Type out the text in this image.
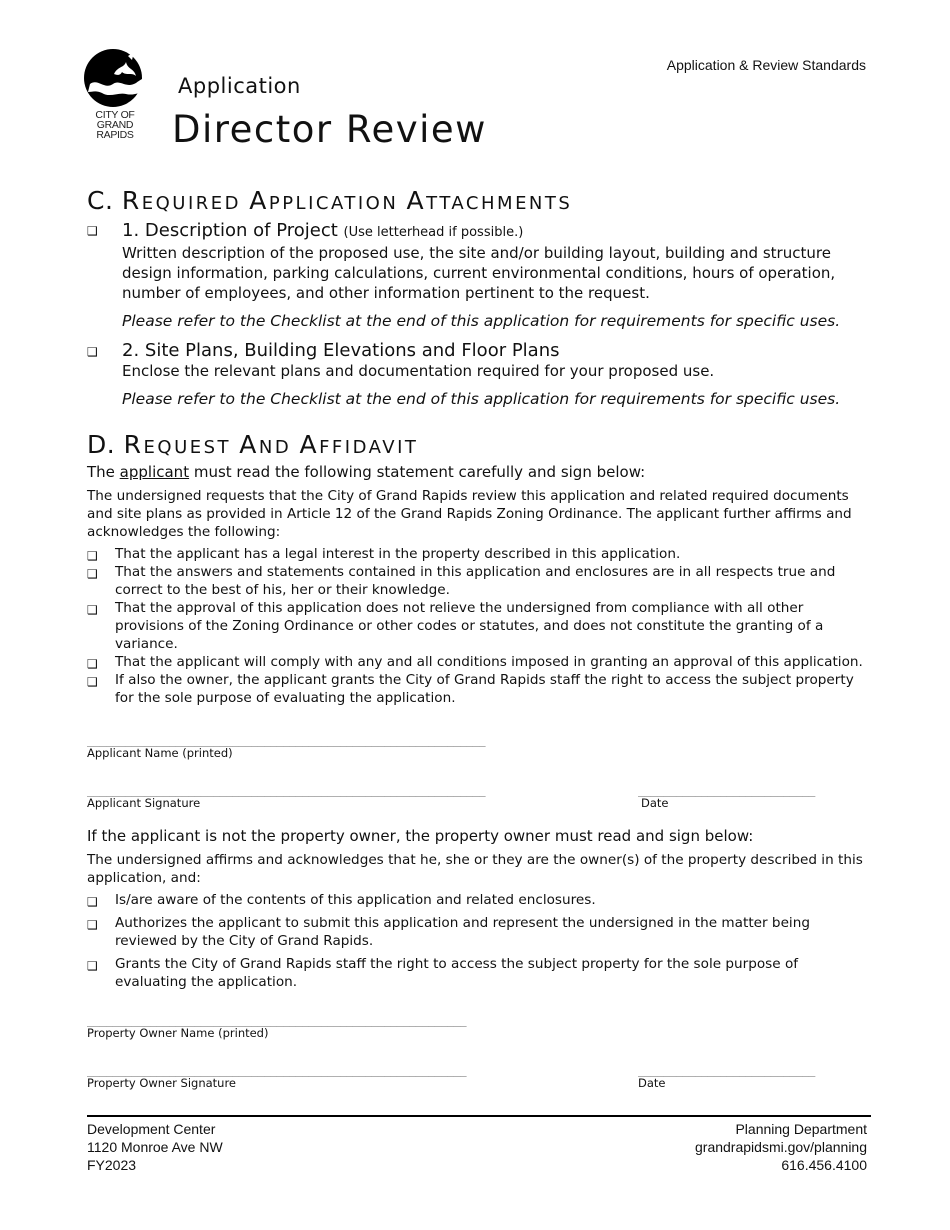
CITY OF GRAND RAPIDS
Application
Director Review
Application & Review Standards
C. REQUIRED APPLICATION ATTACHMENTS
❑ 1. Description of Project (Use letterhead if possible.)
Written description of the proposed use, the site and/or building layout, building and structure
design information, parking calculations, current environmental conditions, hours of operation,
number of employees, and other information pertinent to the request.
Please refer to the Checklist at the end of this application for requirements for specific uses.
❑ 2. Site Plans, Building Elevations and Floor Plans
Enclose the relevant plans and documentation required for your proposed use.
Please refer to the Checklist at the end of this application for requirements for specific uses.
D. REQUEST AND AFFIDAVIT
The applicant must read the following statement carefully and sign below:
The undersigned requests that the City of Grand Rapids review this application and related required documents
and site plans as provided in Article 12 of the Grand Rapids Zoning Ordinance. The applicant further affirms and
acknowledges the following:
❑ That the applicant has a legal interest in the property described in this application.
❑ That the answers and statements contained in this application and enclosures are in all respects true and
correct to the best of his, her or their knowledge.
❑ That the approval of this application does not relieve the undersigned from compliance with all other
provisions of the Zoning Ordinance or other codes or statutes, and does not constitute the granting of a
variance.
❑ That the applicant will comply with any and all conditions imposed in granting an approval of this application.
❑ If also the owner, the applicant grants the City of Grand Rapids staff the right to access the subject property
for the sole purpose of evaluating the application.
_______________________________________________________________
Applicant Name (printed)
_______________________________________________________________
Applicant Signature
____________________________
Date
If the applicant is not the property owner, the property owner must read and sign below:
The undersigned affirms and acknowledges that he, she or they are the owner(s) of the property described in this
application, and:
❑ Is/are aware of the contents of this application and related enclosures.
❑ Authorizes the applicant to submit this application and represent the undersigned in the matter being
reviewed by the City of Grand Rapids.
❑ Grants the City of Grand Rapids staff the right to access the subject property for the sole purpose of
evaluating the application.
____________________________________________________________
Property Owner Name (printed)
____________________________________________________________
Property Owner Signature
____________________________
Date
Development Center
1120 Monroe Ave NW
FY2023
Planning Department
grandrapidsmi.gov/planning
616.456.4100
